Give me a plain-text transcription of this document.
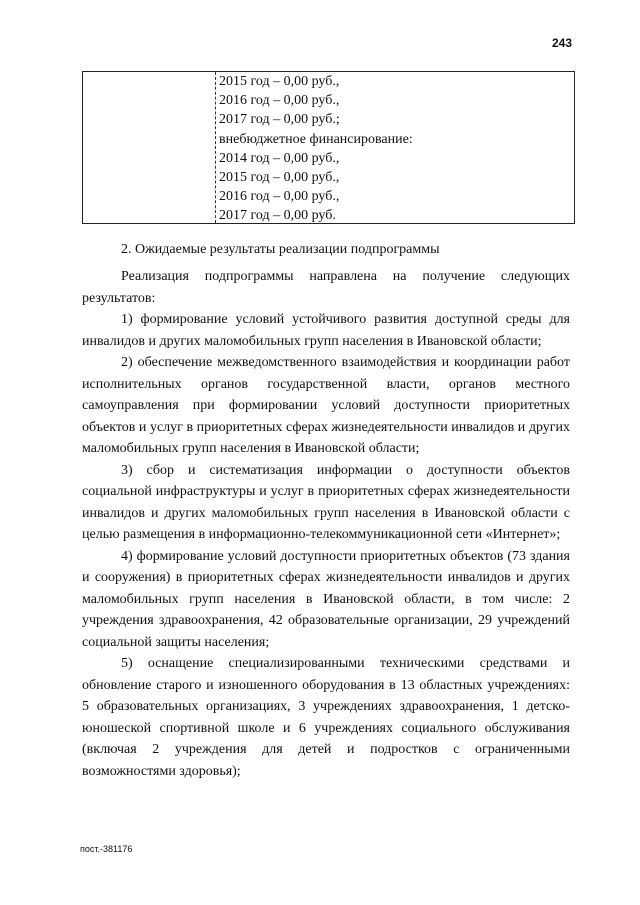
243
2015 год – 0,00 руб.,
2016 год – 0,00 руб.,
2017 год – 0,00 руб.;
внебюджетное финансирование:
2014 год – 0,00 руб.,
2015 год – 0,00 руб.,
2016 год – 0,00 руб.,
2017 год – 0,00 руб.
2. Ожидаемые результаты реализации подпрограммы

Реализация подпрограммы направлена на получение следующих результатов:

1) формирование условий устойчивого развития доступной среды для инвалидов и других маломобильных групп населения в Ивановской области;

2) обеспечение межведомственного взаимодействия и координации работ исполнительных органов государственной власти, органов местного самоуправления при формировании условий доступности приоритетных объектов и услуг в приоритетных сферах жизнедеятельности инвалидов и других маломобильных групп населения в Ивановской области;

3) сбор и систематизация информации о доступности объектов социальной инфраструктуры и услуг в приоритетных сферах жизнедеятельности инвалидов и других маломобильных групп населения в Ивановской области с целью размещения в информационно-телекоммуникационной сети «Интернет»;

4) формирование условий доступности приоритетных объектов (73 здания и сооружения) в приоритетных сферах жизнедеятельности инвалидов и других маломобильных групп населения в Ивановской области, в том числе: 2 учреждения здравоохранения, 42 образовательные организации, 29 учреждений социальной защиты населения;

5) оснащение специализированными техническими средствами и обновление старого и изношенного оборудования в 13 областных учреждениях: 5 образовательных организациях, 3 учреждениях здравоохранения, 1 детско-юношеской спортивной школе и 6 учреждениях социального обслуживания (включая 2 учреждения для детей и подростков с ограниченными возможностями здоровья);

пост.-381176
